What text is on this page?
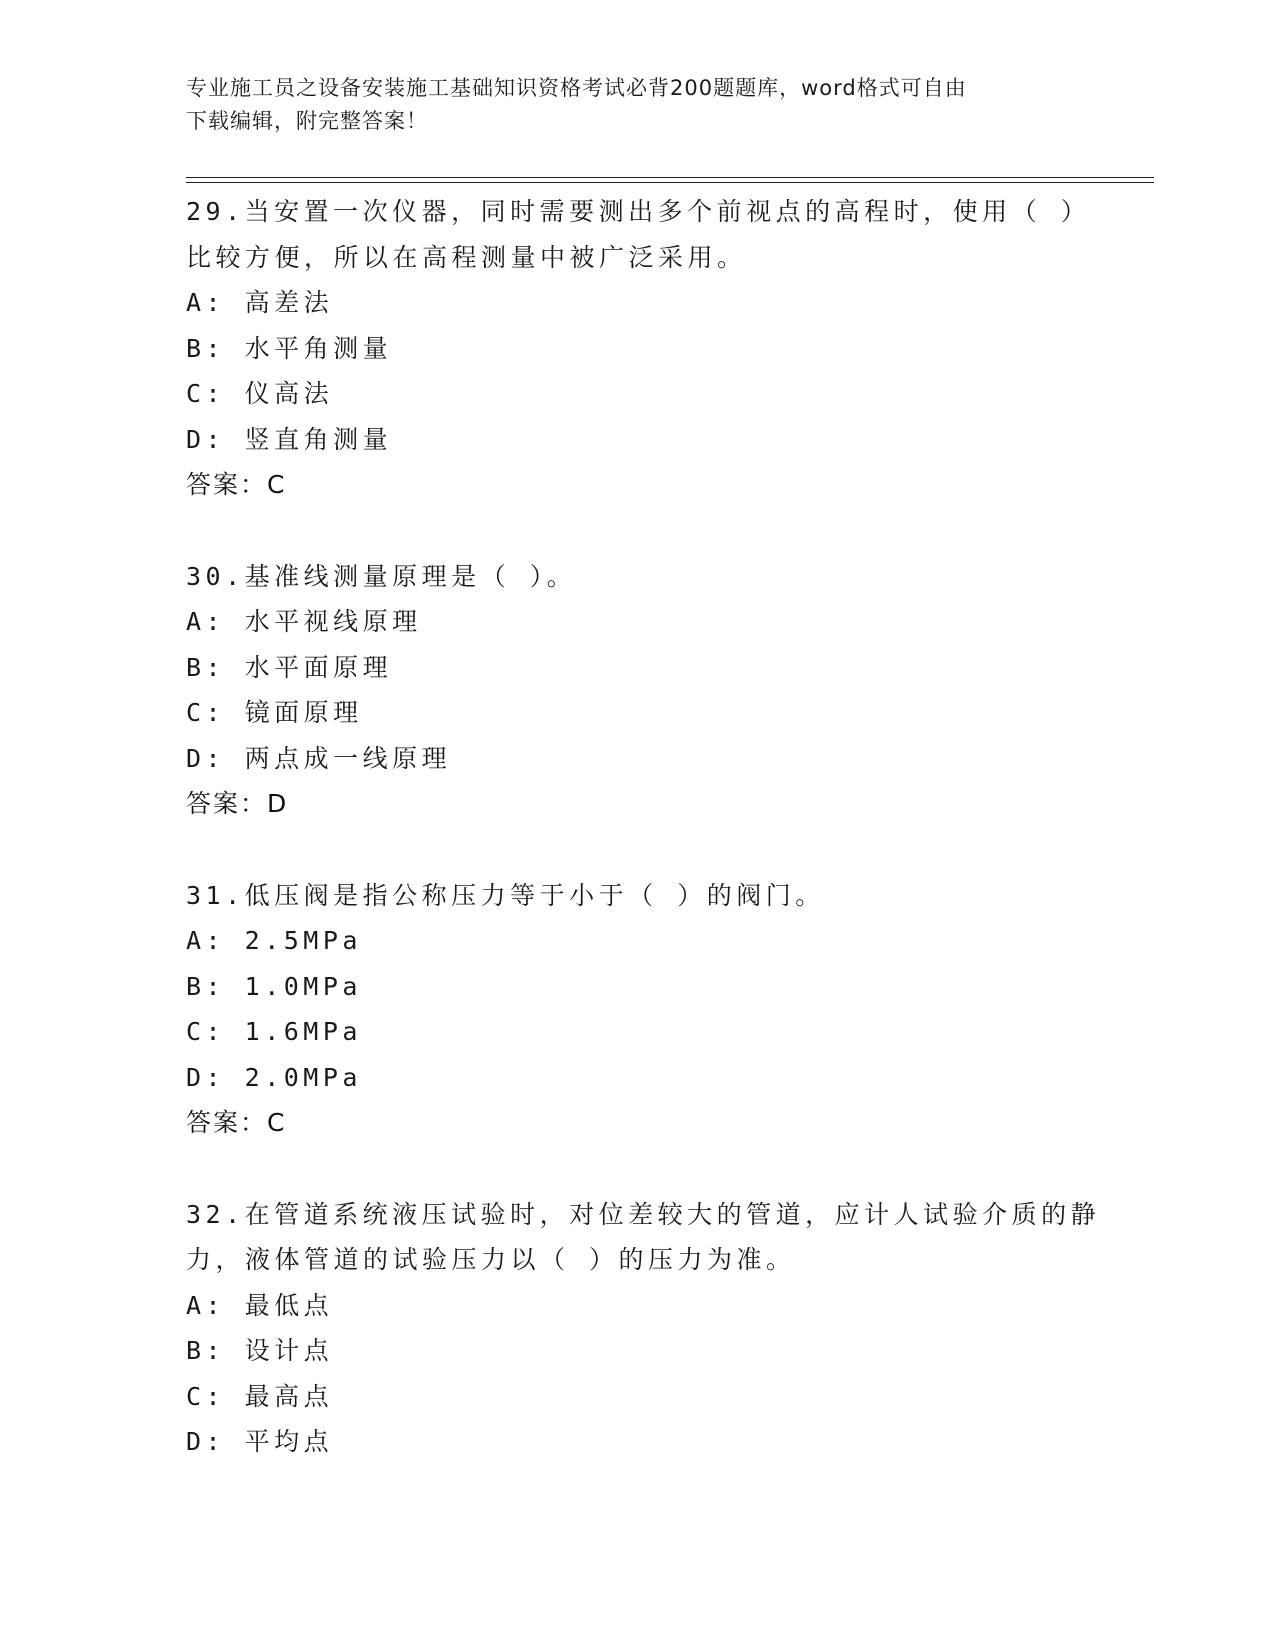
专业施工员之设备安装施工基础知识资格考试必背200题题库，word格式可自由
下载编辑，附完整答案！
29.当安置一次仪器，同时需要测出多个前视点的高程时，使用（ ）
比较方便，所以在高程测量中被广泛采用。
A: 高差法
B: 水平角测量
C: 仪高法
D: 竖直角测量
答案：C
30.基准线测量原理是（ ）。
A: 水平视线原理
B: 水平面原理
C: 镜面原理
D: 两点成一线原理
答案：D
31.低压阀是指公称压力等于小于（ ）的阀门。
A: 2.5MPa
B: 1.0MPa
C: 1.6MPa
D: 2.0MPa
答案：C
32.在管道系统液压试验时，对位差较大的管道，应计人试验介质的静
力，液体管道的试验压力以（ ）的压力为准。
A: 最低点
B: 设计点
C: 最高点
D: 平均点
